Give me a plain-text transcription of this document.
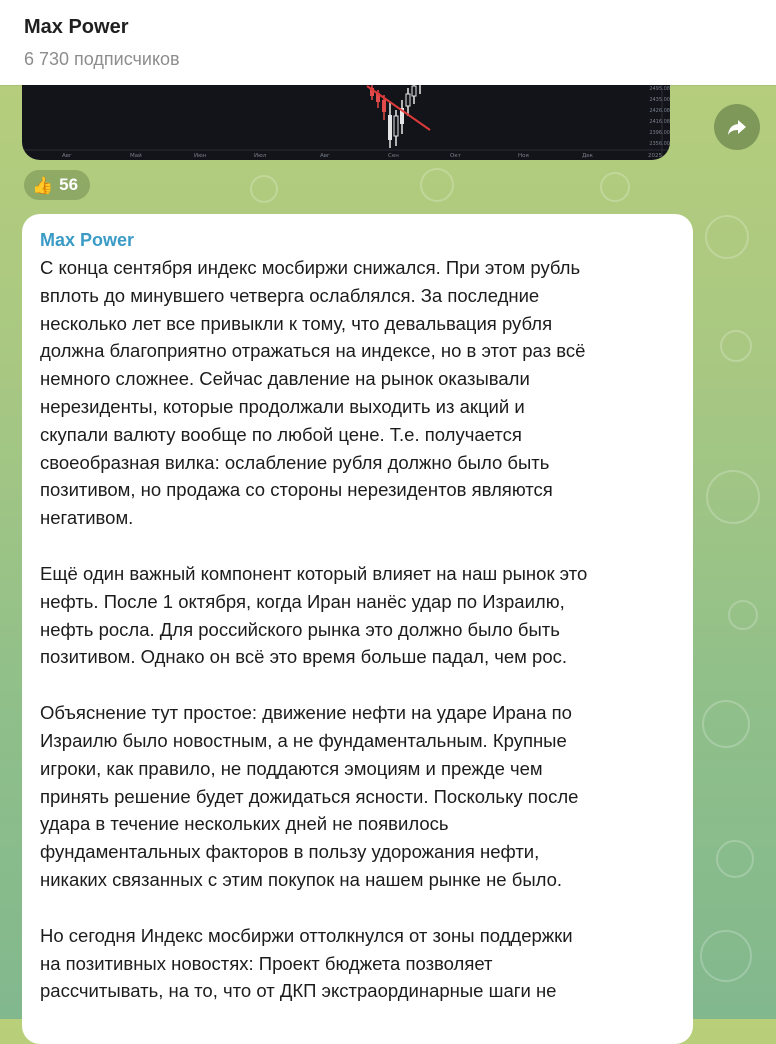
Max Power
6 730 подписчиков
2495.08
2435.00
2426.08
2416.08
2396.00
2356.00
Авг	Май	Июн	Июл	Авг	Сен	Окт	Ноя	Дек	2025
👍 56
Max Power

С конца сентября индекс мосбиржи снижался. При этом рубль
вплоть до минувшего четверга ослаблялся. За последние
несколько лет все привыкли к тому, что девальвация рубля
должна благоприятно отражаться на индексе, но в этот раз всё
немного сложнее. Сейчас давление на рынок оказывали
нерезиденты, которые продолжали выходить из акций и
скупали валюту вообще по любой цене. Т.е. получается
своеобразная вилка: ослабление рубля должно было быть
позитивом, но продажа со стороны нерезидентов являются
негативом.

Ещё один важный компонент который влияет на наш рынок это
нефть. После 1 октября, когда Иран нанёс удар по Израилю,
нефть росла. Для российского рынка это должно было быть
позитивом. Однако он всё это время больше падал, чем рос.

Объяснение тут простое: движение нефти на ударе Ирана по
Израилю было новостным, а не фундаментальным. Крупные
игроки, как правило, не поддаются эмоциям и прежде чем
принять решение будет дожидаться ясности. Поскольку после
удара в течение нескольких дней не появилось
фундаментальных факторов в пользу удорожания нефти,
никаких связанных с этим покупок на нашем рынке не было.

Но сегодня Индекс мосбиржи оттолкнулся от зоны поддержки
на позитивных новостях: Проект бюджета позволяет
рассчитывать, на то, что от ДКП экстраординарные шаги не
